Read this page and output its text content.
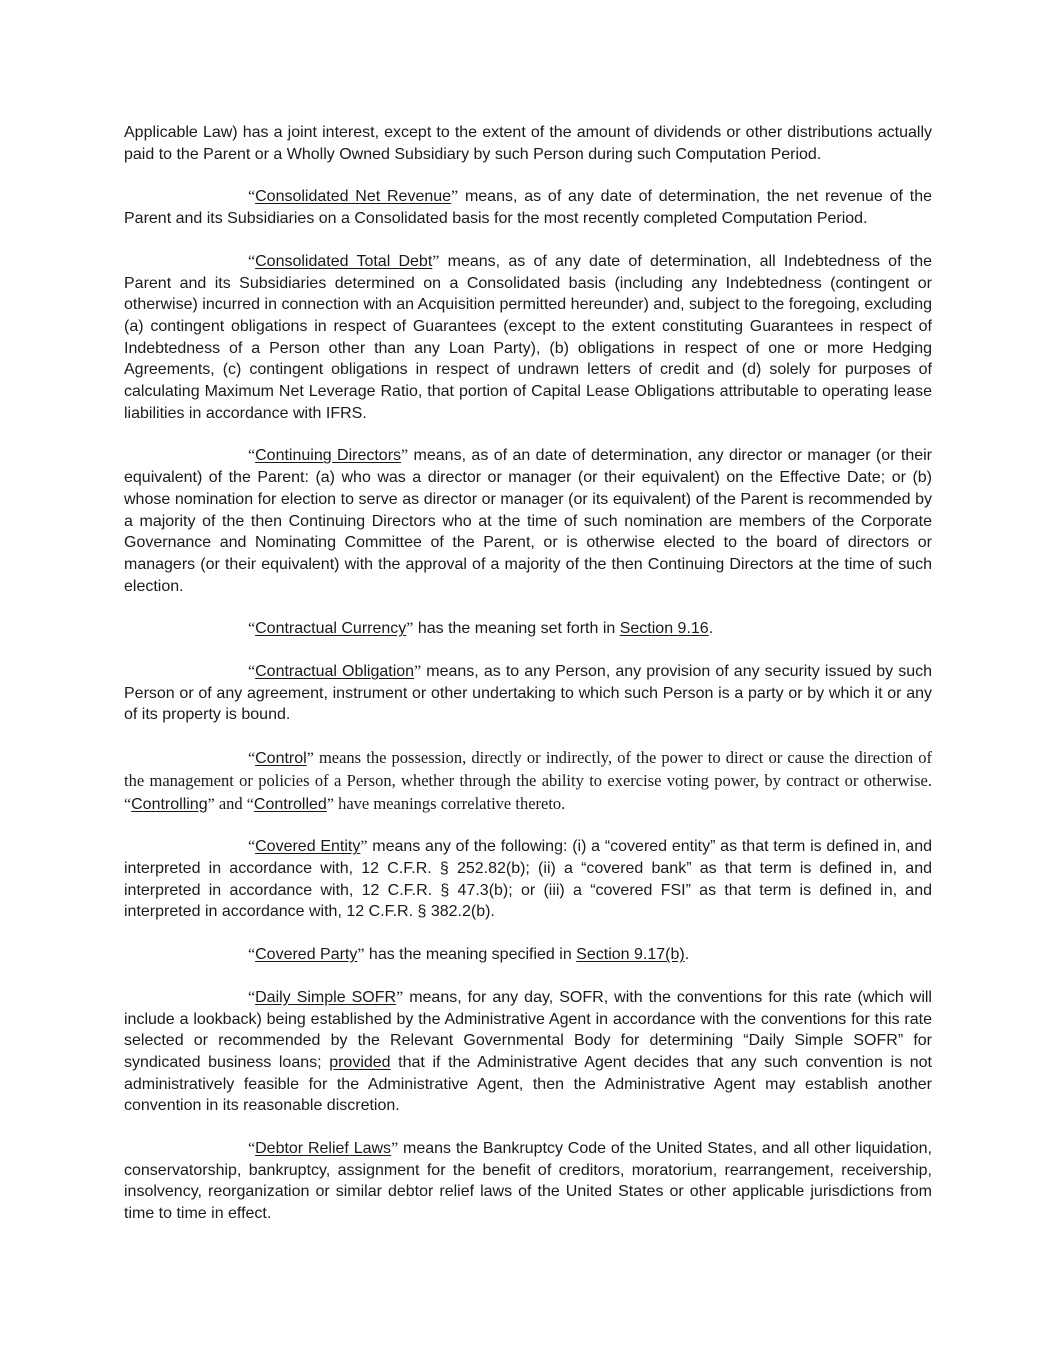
Applicable Law) has a joint interest, except to the extent of the amount of dividends or other distributions actually paid to the Parent or a Wholly Owned Subsidiary by such Person during such Computation Period.

“Consolidated Net Revenue” means, as of any date of determination, the net revenue of the Parent and its Subsidiaries on a Consolidated basis for the most recently completed Computation Period.

“Consolidated Total Debt” means, as of any date of determination, all Indebtedness of the Parent and its Subsidiaries determined on a Consolidated basis (including any Indebtedness (contingent or otherwise) incurred in connection with an Acquisition permitted hereunder) and, subject to the foregoing, excluding (a) contingent obligations in respect of Guarantees (except to the extent constituting Guarantees in respect of Indebtedness of a Person other than any Loan Party), (b) obligations in respect of one or more Hedging Agreements, (c) contingent obligations in respect of undrawn letters of credit and (d) solely for purposes of calculating Maximum Net Leverage Ratio, that portion of Capital Lease Obligations attributable to operating lease liabilities in accordance with IFRS.

“Continuing Directors” means, as of an date of determination, any director or manager (or their equivalent) of the Parent: (a) who was a director or manager (or their equivalent) on the Effective Date; or (b) whose nomination for election to serve as director or manager (or its equivalent) of the Parent is recommended by a majority of the then Continuing Directors who at the time of such nomination are members of the Corporate Governance and Nominating Committee of the Parent, or is otherwise elected to the board of directors or managers (or their equivalent) with the approval of a majority of the then Continuing Directors at the time of such election.

“Contractual Currency” has the meaning set forth in Section 9.16.

“Contractual Obligation” means, as to any Person, any provision of any security issued by such Person or of any agreement, instrument or other undertaking to which such Person is a party or by which it or any of its property is bound.

“Control” means the possession, directly or indirectly, of the power to direct or cause the direction of the management or policies of a Person, whether through the ability to exercise voting power, by contract or otherwise. “Controlling” and “Controlled” have meanings correlative thereto.

“Covered Entity” means any of the following: (i) a “covered entity” as that term is defined in, and interpreted in accordance with, 12 C.F.R. § 252.82(b); (ii) a “covered bank” as that term is defined in, and interpreted in accordance with, 12 C.F.R. § 47.3(b); or (iii) a “covered FSI” as that term is defined in, and interpreted in accordance with, 12 C.F.R. § 382.2(b).

“Covered Party” has the meaning specified in Section 9.17(b).

“Daily Simple SOFR” means, for any day, SOFR, with the conventions for this rate (which will include a lookback) being established by the Administrative Agent in accordance with the conventions for this rate selected or recommended by the Relevant Governmental Body for determining “Daily Simple SOFR” for syndicated business loans; provided that if the Administrative Agent decides that any such convention is not administratively feasible for the Administrative Agent, then the Administrative Agent may establish another convention in its reasonable discretion.

“Debtor Relief Laws” means the Bankruptcy Code of the United States, and all other liquidation, conservatorship, bankruptcy, assignment for the benefit of creditors, moratorium, rearrangement, receivership, insolvency, reorganization or similar debtor relief laws of the United States or other applicable jurisdictions from time to time in effect.
